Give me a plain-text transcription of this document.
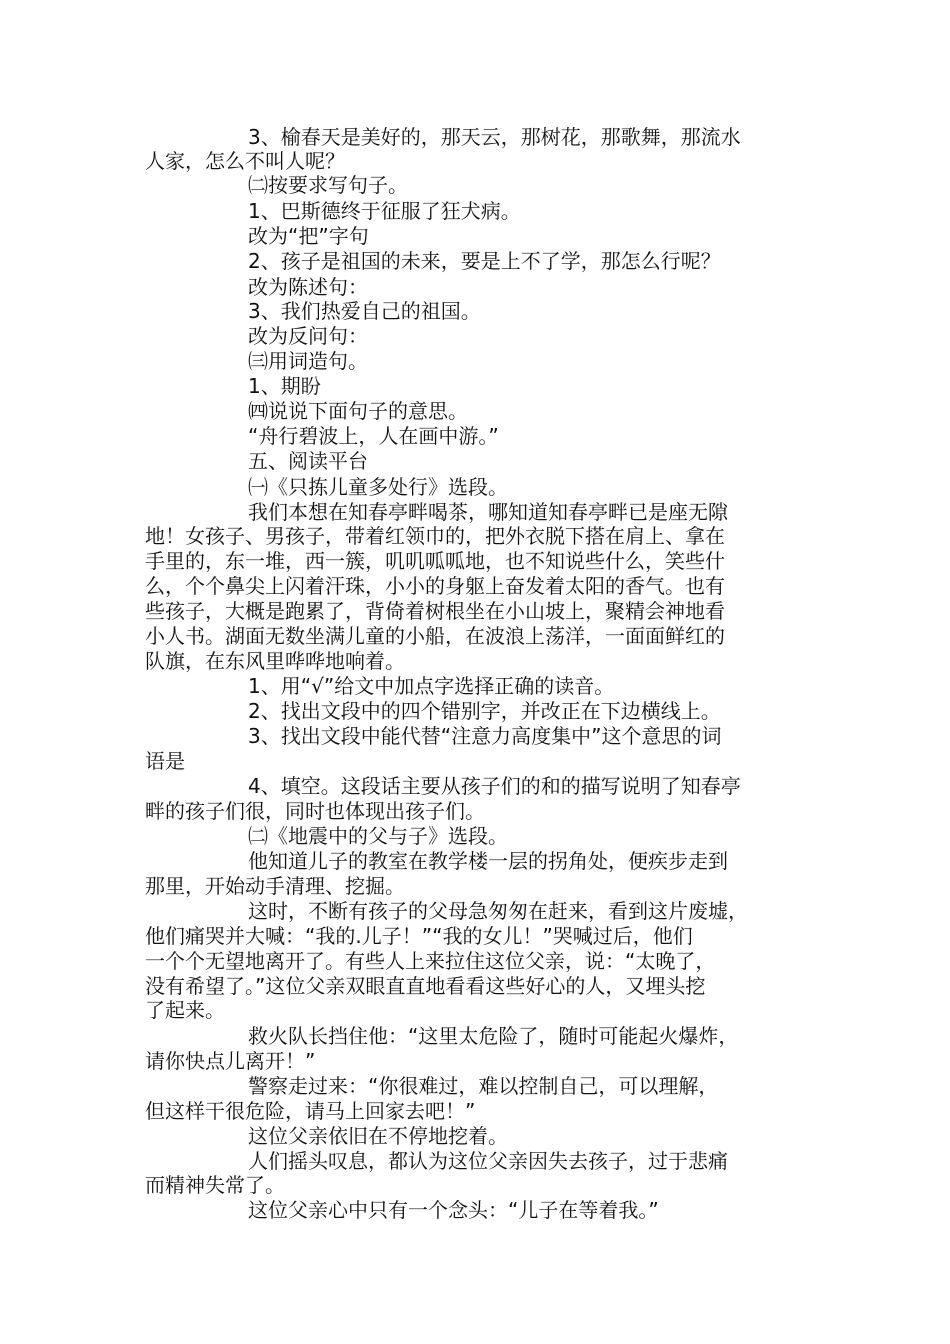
3、榆春天是美好的，那天云，那树花，那歌舞，那流水
人家，怎么不叫人呢？
㈡按要求写句子。
1、巴斯德终于征服了狂犬病。
改为“把”字句
2、孩子是祖国的未来，要是上不了学，那怎么行呢？
改为陈述句：
3、我们热爱自己的祖国。
改为反问句：
㈢用词造句。
1、期盼
㈣说说下面句子的意思。
“舟行碧波上，人在画中游。”
五、阅读平台
㈠《只拣儿童多处行》选段。
我们本想在知春亭畔喝茶，哪知道知春亭畔已是座无隙
地！女孩子、男孩子，带着红领巾的，把外衣脱下搭在肩上、拿在
手里的，东一堆，西一簇，叽叽呱呱地，也不知说些什么，笑些什
么，个个鼻尖上闪着汗珠，小小的身躯上奋发着太阳的香气。也有
些孩子，大概是跑累了，背倚着树根坐在小山坡上，聚精会神地看
小人书。湖面无数坐满儿童的小船，在波浪上荡洋，一面面鲜红的
队旗，在东风里哗哗地响着。
1、用“√”给文中加点字选择正确的读音。
2、找出文段中的四个错别字，并改正在下边横线上。
3、找出文段中能代替“注意力高度集中”这个意思的词
语是
4、填空。这段话主要从孩子们的和的描写说明了知春亭
畔的孩子们很，同时也体现出孩子们。
㈡《地震中的父与子》选段。
他知道儿子的教室在教学楼一层的拐角处，便疾步走到
那里，开始动手清理、挖掘。
这时，不断有孩子的父母急匆匆在赶来，看到这片废墟，
他们痛哭并大喊：“我的.儿子！”“我的女儿！”哭喊过后，他们
一个个无望地离开了。有些人上来拉住这位父亲，说：“太晚了，
没有希望了。”这位父亲双眼直直地看看这些好心的人，又埋头挖
了起来。
救火队长挡住他：“这里太危险了，随时可能起火爆炸，
请你快点儿离开！”
警察走过来：“你很难过，难以控制自己，可以理解，
但这样干很危险，请马上回家去吧！”
这位父亲依旧在不停地挖着。
人们摇头叹息，都认为这位父亲因失去孩子，过于悲痛
而精神失常了。
这位父亲心中只有一个念头：“儿子在等着我。”
